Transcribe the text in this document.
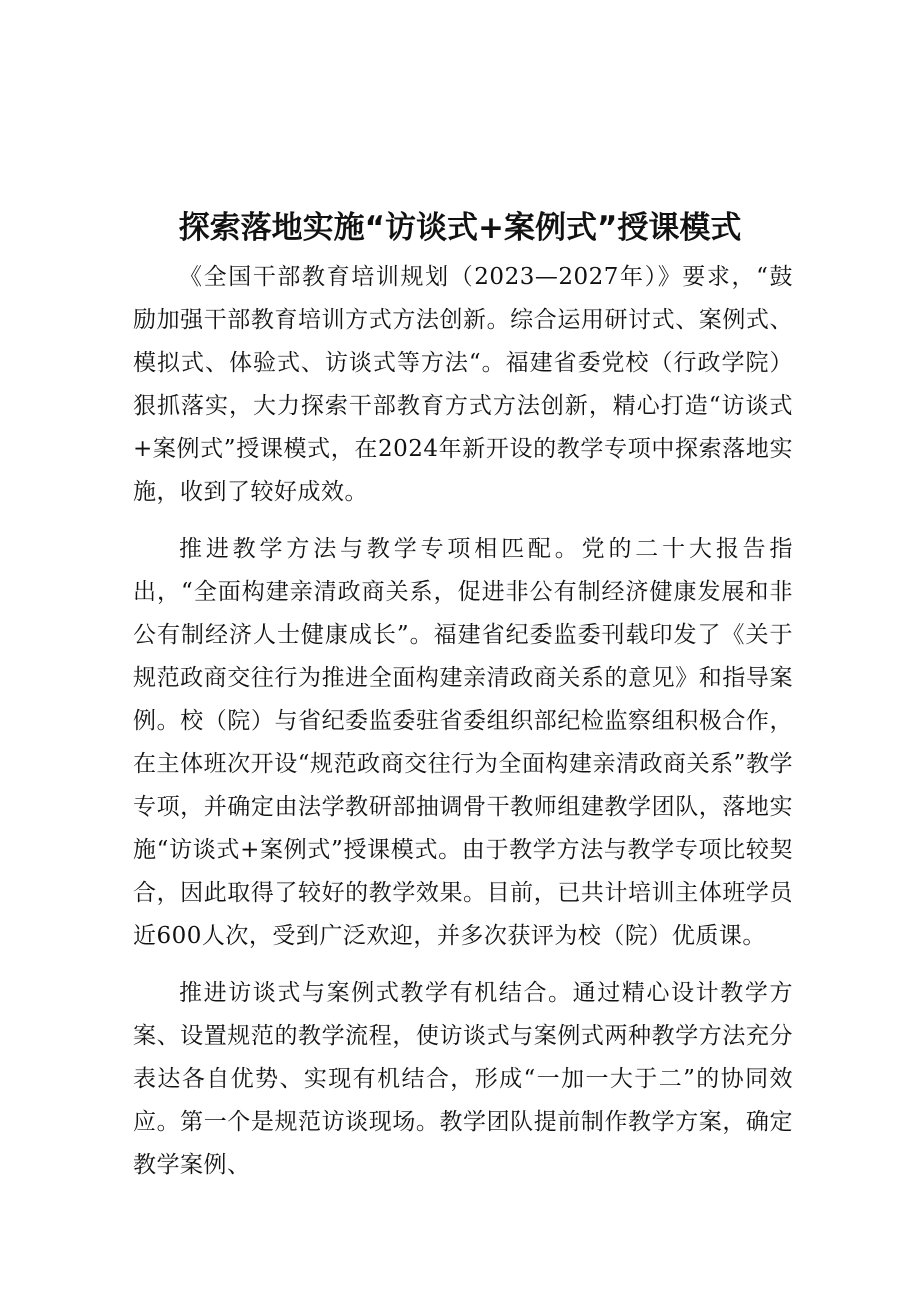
探索落地实施“访谈式+案例式”授课模式

《全国干部教育培训规划（2023—2027年）》要求，“鼓励加强干部教育培训方式方法创新。综合运用研讨式、案例式、模拟式、体验式、访谈式等方法“。福建省委党校（行政学院）狠抓落实，大力探索干部教育方式方法创新，精心打造“访谈式+案例式”授课模式，在2024年新开设的教学专项中探索落地实施，收到了较好成效。

推进教学方法与教学专项相匹配。党的二十大报告指出，“全面构建亲清政商关系，促进非公有制经济健康发展和非公有制经济人士健康成长”。福建省纪委监委刊载印发了《关于规范政商交往行为推进全面构建亲清政商关系的意见》和指导案例。校（院）与省纪委监委驻省委组织部纪检监察组积极合作，在主体班次开设“规范政商交往行为全面构建亲清政商关系”教学专项，并确定由法学教研部抽调骨干教师组建教学团队，落地实施“访谈式+案例式”授课模式。由于教学方法与教学专项比较契合，因此取得了较好的教学效果。目前，已共计培训主体班学员近600人次，受到广泛欢迎，并多次获评为校（院）优质课。

推进访谈式与案例式教学有机结合。通过精心设计教学方案、设置规范的教学流程，使访谈式与案例式两种教学方法充分表达各自优势、实现有机结合，形成“一加一大于二”的协同效应。第一个是规范访谈现场。教学团队提前制作教学方案，确定教学案例、
